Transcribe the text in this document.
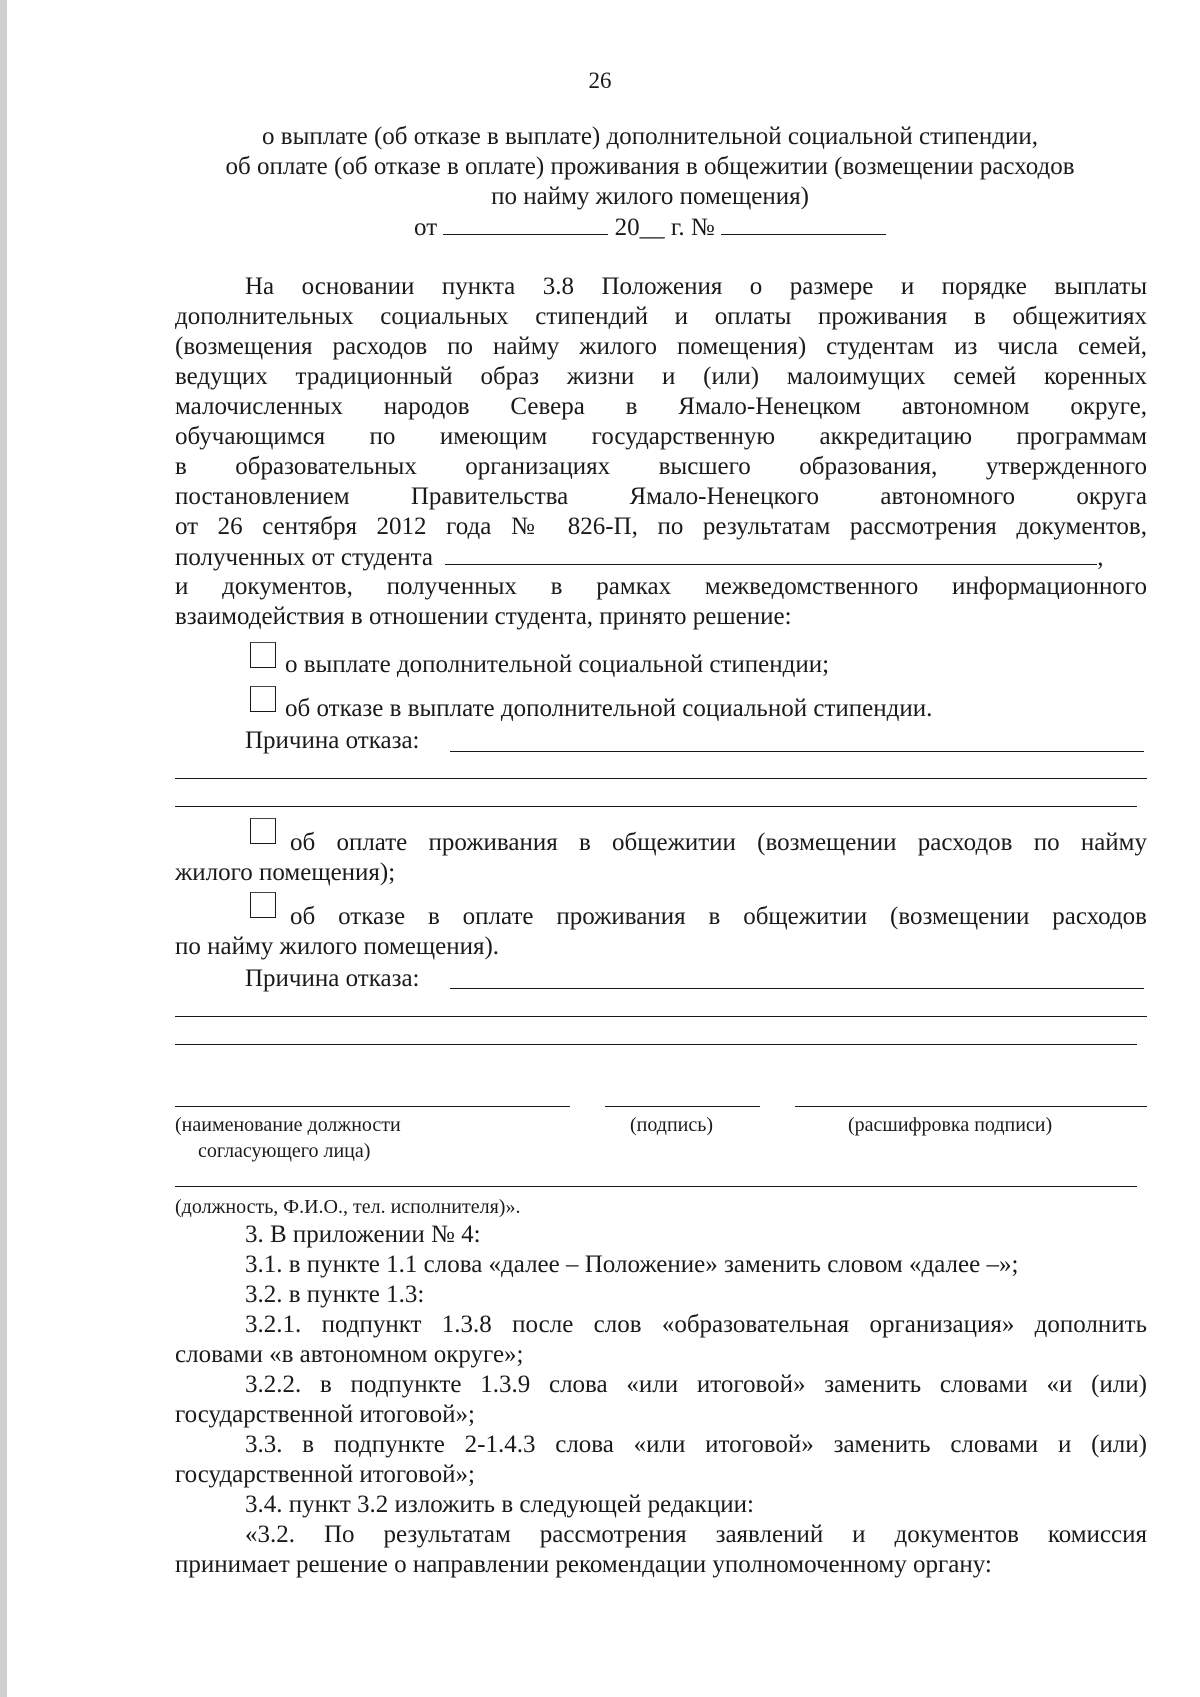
26
о выплате (об отказе в выплате) дополнительной социальной стипендии,
об оплате (об отказе в оплате) проживания в общежитии (возмещении расходов
по найму жилого помещения)
от	20__ г. №
На основании пункта 3.8 Положения о размере и порядке выплаты
дополнительных социальных стипендий и оплаты проживания в общежитиях
(возмещения расходов по найму жилого помещения) студентам из числа семей,
ведущих традиционный образ жизни и (или) малоимущих семей коренных
малочисленных народов Севера в Ямало-Ненецком автономном округе,
обучающимся по имеющим государственную аккредитацию программам
в образовательных организациях высшего образования, утвержденного
постановлением Правительства Ямало-Ненецкого автономного округа
от 26 сентября 2012 года № 826-П, по результатам рассмотрения документов,
полученных от студента	,
и документов, полученных в рамках межведомственного информационного
взаимодействия в отношении студента, принято решение:
о выплате дополнительной социальной стипендии;
об отказе в выплате дополнительной социальной стипендии.
Причина отказа:
об оплате проживания в общежитии (возмещении расходов по найму
жилого помещения);
об отказе в оплате проживания в общежитии (возмещении расходов
по найму жилого помещения).
Причина отказа:
(наименование должности
согласующего лица)
(подпись)	(расшифровка подписи)
(должность, Ф.И.О., тел. исполнителя)».
3. В приложении № 4:
3.1. в пункте 1.1 слова «далее – Положение» заменить словом «далее –»;
3.2. в пункте 1.3:
3.2.1. подпункт 1.3.8 после слов «образовательная организация» дополнить
словами «в автономном округе»;
3.2.2. в подпункте 1.3.9 слова «или итоговой» заменить словами «и (или)
государственной итоговой»;
3.3. в подпункте 2-1.4.3 слова «или итоговой» заменить словами и (или)
государственной итоговой»;
3.4. пункт 3.2 изложить в следующей редакции:
«3.2. По результатам рассмотрения заявлений и документов комиссия
принимает решение о направлении рекомендации уполномоченному органу:
